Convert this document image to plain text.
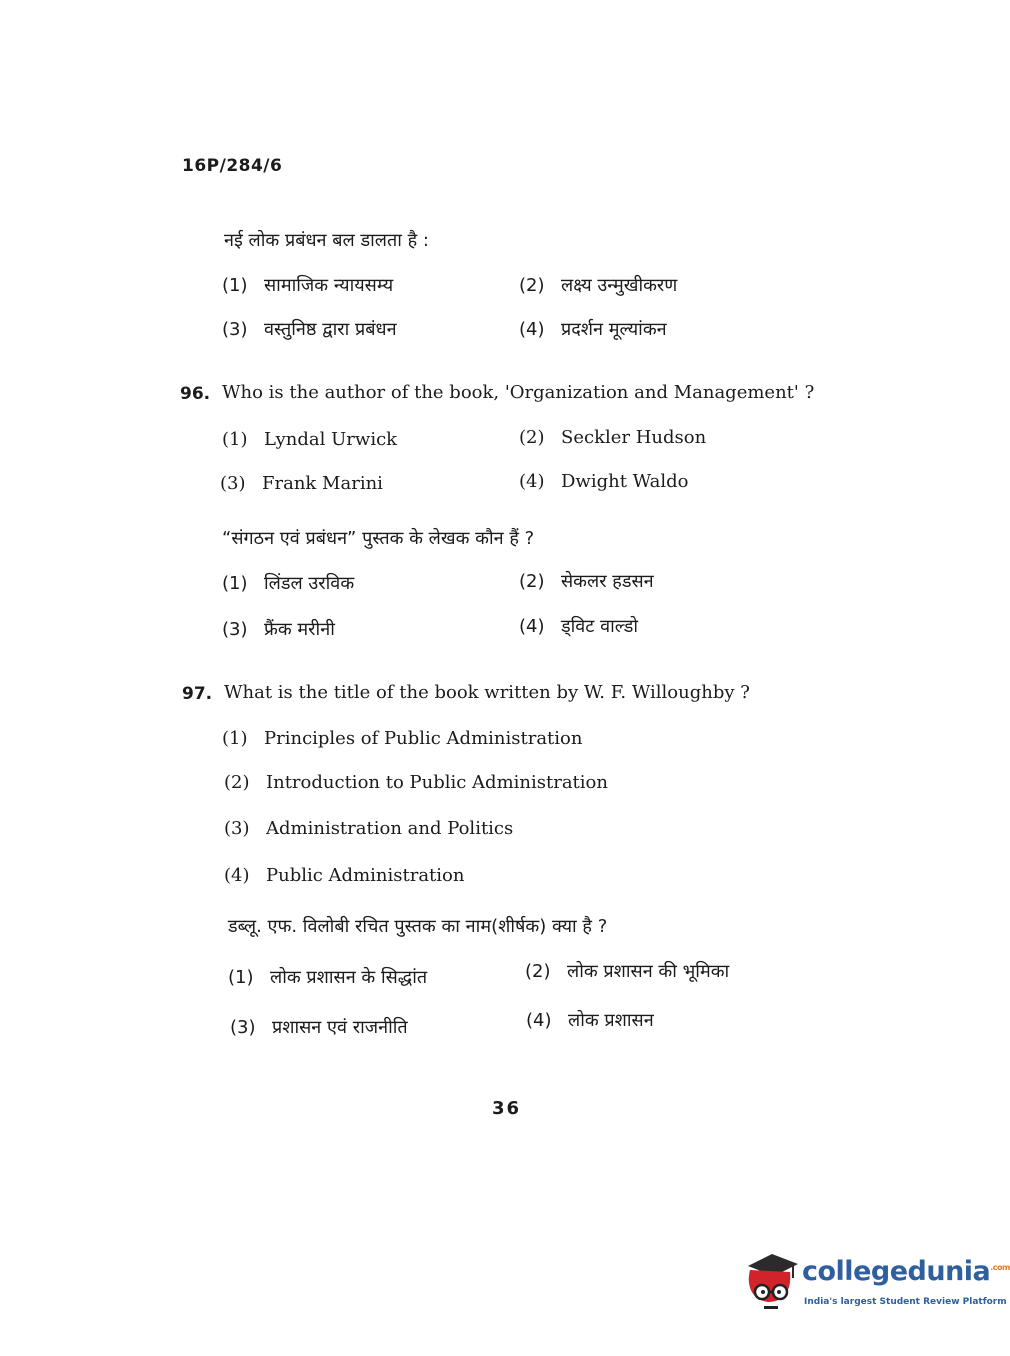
16P/284/6
नई लोक प्रबंधन बल डालता है :
(1) सामाजिक न्यायसम्य	(2) लक्ष्य उन्मुखीकरण
(3) वस्तुनिष्ठ द्वारा प्रबंधन	(4) प्रदर्शन मूल्यांकन
96. Who is the author of the book, 'Organization and Management' ?
(1) Lyndal Urwick	(2) Seckler Hudson
(3) Frank Marini	(4) Dwight Waldo
“संगठन एवं प्रबंधन” पुस्तक के लेखक कौन हैं ?
(1) लिंडल उरविक	(2) सेकलर हडसन
(3) फ्रैंक मरीनी	(4) ड्विट वाल्डो
97. What is the title of the book written by W. F. Willoughby ?
(1) Principles of Public Administration
(2) Introduction to Public Administration
(3) Administration and Politics
(4) Public Administration
डब्लू. एफ. विलोबी रचित पुस्तक का नाम(शीर्षक) क्या है ?
(1) लोक प्रशासन के सिद्धांत	(2) लोक प्रशासन की भूमिका
(3) प्रशासन एवं राजनीति	(4) लोक प्रशासन
36
collegedunia$^{.com}$
India's largest Student Review Platform
